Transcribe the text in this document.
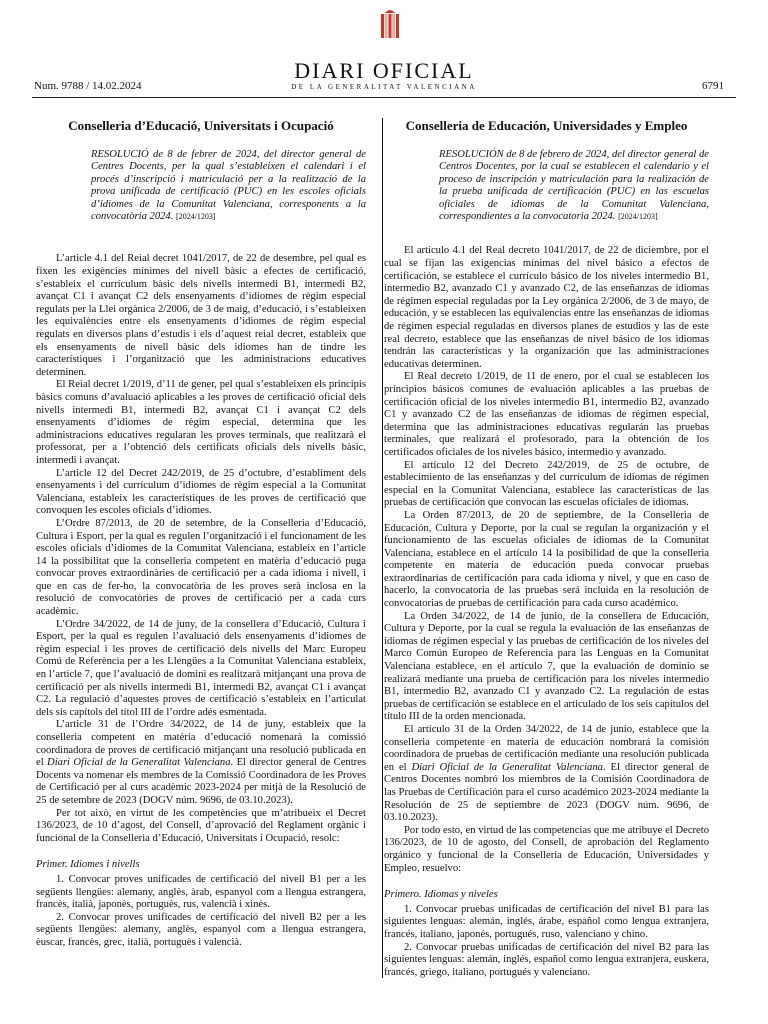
Num. 9788 / 14.02.2024
DIARI OFICIAL
DE LA GENERALITAT VALENCIANA	6791
Conselleria d’Educació, Universitats i Ocupació
RESOLUCIÓ de 8 de febrer de 2024, del director general de Centres Docents, per la qual s’estableixen el calendari i el procés d’inscripció i matriculació per a la realització de la prova unificada de certificació (PUC) en les escoles oficials d’idiomes de la Comunitat Valenciana, corresponents a la convocatòria 2024. [2024/1203]

L’article 4.1 del Reial decret 1041/2017, de 22 de desembre, pel qual es fixen les exigències mínimes del nivell bàsic a efectes de certificació, s’estableix el currículum bàsic dels nivells intermedi B1, intermedi B2, avançat C1 i avançat C2 dels ensenyaments d’idiomes de règim especial regulats per la Llei orgànica 2/2006, de 3 de maig, d’educació, i s’estableixen les equivalències entre els ensenyaments d’idiomes de règim especial regulats en diversos plans d’estudis i els d’aquest reial decret, estableix que els ensenyaments de nivell bàsic dels idiomes han de tindre les característiques i l’organització que les administracions educatives determinen.

El Reial decret 1/2019, d’11 de gener, pel qual s’estableixen els principis bàsics comuns d’avaluació aplicables a les proves de certificació oficial dels nivells intermedi B1, intermedi B2, avançat C1 i avançat C2 dels ensenyaments d’idiomes de règim especial, determina que les administracions educatives regularan les proves terminals, que realitzarà el professorat, per a l’obtenció dels certificats oficials dels nivells bàsic, intermedi i avançat.

L’article 12 del Decret 242/2019, de 25 d’octubre, d’establiment dels ensenyaments i del currículum d’idiomes de règim especial a la Comunitat Valenciana, estableix les característiques de les proves de certificació que convoquen les escoles oficials d’idiomes.

L’Ordre 87/2013, de 20 de setembre, de la Conselleria d’Educació, Cultura i Esport, per la qual es regulen l’organització i el funcionament de les escoles oficials d’idiomes de la Comunitat Valenciana, estableix en l’article 14 la possibilitat que la conselleria competent en matèria d’educació puga convocar proves extraordinàries de certificació per a cada idioma i nivell, i que en cas de fer-ho, la convocatòria de les proves serà inclosa en la resolució de convocatòries de proves de certificació per a cada curs acadèmic.

L’Ordre 34/2022, de 14 de juny, de la consellera d’Educació, Cultura i Esport, per la qual es regulen l’avaluació dels ensenyaments d’idiomes de règim especial i les proves de certificació dels nivells del Marc Europeu Comú de Referència per a les Llengües a la Comunitat Valenciana estableix, en l’article 7, que l’avaluació de domini es realitzarà mitjançant una prova de certificació per als nivells intermedi B1, intermedi B2, avançat C1 i avançat C2. La regulació d’aquestes proves de certificació s’estableix en l’articulat dels sis capítols del títol III de l’ordre adés esmentada.

L’article 31 de l’Ordre 34/2022, de 14 de juny, estableix que la conselleria competent en matèria d’educació nomenarà la comissió coordinadora de proves de certificació mitjançant una resolució publicada en el Diari Oficial de la Generalitat Valenciana. El director general de Centres Docents va nomenar els membres de la Comissió Coordinadora de les Proves de Certificació per al curs acadèmic 2023-2024 per mitjà de la Resolució de 25 de setembre de 2023 (DOGV núm. 9696, de 03.10.2023).

Per tot això, en virtut de les competències que m’atribueix el Decret 136/2023, de 10 d’agost, del Consell, d’aprovació del Reglament orgànic i funcional de la Conselleria d’Educació, Universitats i Ocupació, resolc:

Primer. Idiomes i nivells

1. Convocar proves unificades de certificació del nivell B1 per a les següents llengües: alemany, anglès, àrab, espanyol com a llengua estrangera, francès, italià, japonès, portuguès, rus, valencià i xinès.

2. Convocar proves unificades de certificació del nivell B2 per a les següents llengües: alemany, anglès, espanyol com a llengua estrangera, èuscar, francès, grec, italià, portuguès i valencià.

Conselleria de Educación, Universidades y Empleo
RESOLUCIÓN de 8 de febrero de 2024, del director general de Centros Docentes, por la cual se establecen el calendario y el proceso de inscripción y matriculación para la realización de la prueba unificada de certificación (PUC) en las escuelas oficiales de idiomas de la Comunitat Valenciana, correspondientes a la convocatoria 2024. [2024/1203]

El artículo 4.1 del Real decreto 1041/2017, de 22 de diciembre, por el cual se fijan las exigencias mínimas del nivel básico a efectos de certificación, se establece el currículo básico de los niveles intermedio B1, intermedio B2, avanzado C1 y avanzado C2, de las enseñanzas de idiomas de régimen especial reguladas por la Ley orgánica 2/2006, de 3 de mayo, de educación, y se establecen las equivalencias entre las enseñanzas de idiomas de régimen especial reguladas en diversos planes de estudios y las de este real decreto, establece que las enseñanzas de nivel básico de los idiomas tendrán las características y la organización que las administraciones educativas determinen.

El Real decreto 1/2019, de 11 de enero, por el cual se establecen los principios básicos comunes de evaluación aplicables a las pruebas de certificación oficial de los niveles intermedio B1, intermedio B2, avanzado C1 y avanzado C2 de las enseñanzas de idiomas de régimen especial, determina que las administraciones educativas regularán las pruebas terminales, que realizará el profesorado, para la obtención de los certificados oficiales de los niveles básico, intermedio y avanzado.

El artículo 12 del Decreto 242/2019, de 25 de octubre, de establecimiento de las enseñanzas y del currículum de idiomas de régimen especial en la Comunitat Valenciana, establece las características de las pruebas de certificación que convocan las escuelas oficiales de idiomas.

La Orden 87/2013, de 20 de septiembre, de la Conselleria de Educación, Cultura y Deporte, por la cual se regulan la organización y el funcionamiento de las escuelas oficiales de idiomas de la Comunitat Valenciana, establece en el artículo 14 la posibilidad de que la conselleria competente en materia de educación pueda convocar pruebas extraordinarias de certificación para cada idioma y nivel, y que en caso de hacerlo, la convocatoria de las pruebas será incluida en la resolución de convocatorias de pruebas de certificación para cada curso académico.

La Orden 34/2022, de 14 de junio, de la consellera de Educación, Cultura y Deporte, por la cual se regula la evaluación de las enseñanzas de idiomas de régimen especial y las pruebas de certificación de los niveles del Marco Común Europeo de Referencia para las Lenguas en la Comunitat Valenciana establece, en el artículo 7, que la evaluación de dominio se realizará mediante una prueba de certificación para los niveles intermedio B1, intermedio B2, avanzado C1 y avanzado C2. La regulación de estas pruebas de certificación se establece en el articulado de los seis capítulos del título III de la orden mencionada.

El artículo 31 de la Orden 34/2022, de 14 de junio, establece que la conselleria competente en materia de educación nombrará la comisión coordinadora de pruebas de certificación mediante una resolución publicada en el Diari Oficial de la Generalitat Valenciana. El director general de Centros Docentes nombró los miembros de la Comisión Coordinadora de las Pruebas de Certificación para el curso académico 2023-2024 mediante la Resolución de 25 de septiembre de 2023 (DOGV núm. 9696, de 03.10.2023).

Por todo esto, en virtud de las competencias que me atribuye el Decreto 136/2023, de 10 de agosto, del Consell, de aprobación del Reglamento orgánico y funcional de la Conselleria de Educación, Universidades y Empleo, resuelvo:

Primero. Idiomas y niveles

1. Convocar pruebas unificadas de certificación del nivel B1 para las siguientes lenguas: alemán, inglés, árabe, español como lengua extranjera, francés, italiano, japonés, portugués, ruso, valenciano y chino.

2. Convocar pruebas unificadas de certificación del nivel B2 para las siguientes lenguas: alemán, inglés, español como lengua extranjera, euskera, francés, griego, italiano, portugués y valenciano.
